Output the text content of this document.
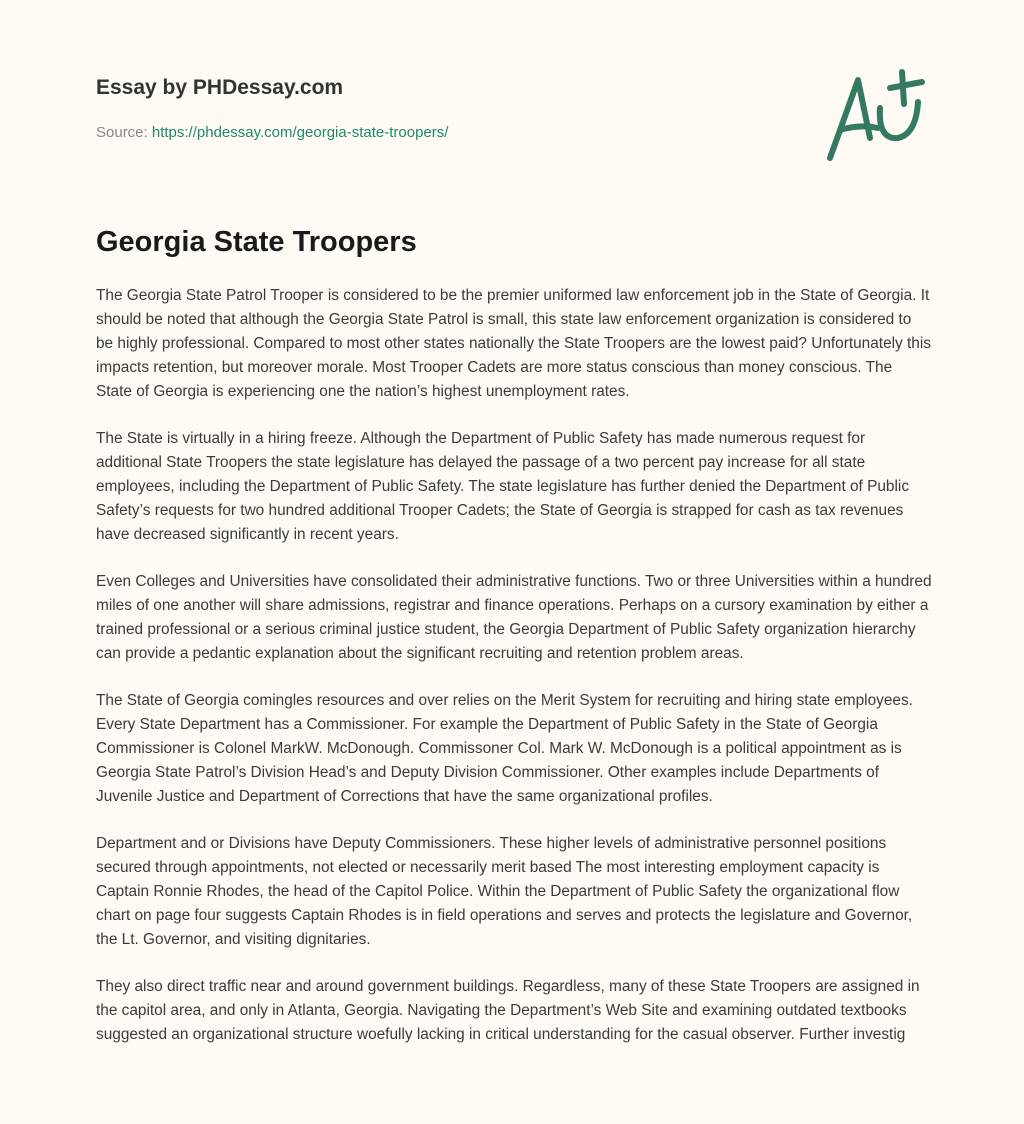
Essay by PHDessay.com
Source: https://phdessay.com/georgia-state-troopers/
Georgia State Troopers

The Georgia State Patrol Trooper is considered to be the premier uniformed law enforcement job in the State of Georgia. It should be noted that although the Georgia State Patrol is small, this state law enforcement organization is considered to be highly professional. Compared to most other states nationally the State Troopers are the lowest paid? Unfortunately this impacts retention, but moreover morale. Most Trooper Cadets are more status conscious than money conscious. The State of Georgia is experiencing one the nation’s highest unemployment rates.

The State is virtually in a hiring freeze. Although the Department of Public Safety has made numerous request for additional State Troopers the state legislature has delayed the passage of a two percent pay increase for all state employees, including the Department of Public Safety. The state legislature has further denied the Department of Public Safety’s requests for two hundred additional Trooper Cadets; the State of Georgia is strapped for cash as tax revenues have decreased significantly in recent years.

Even Colleges and Universities have consolidated their administrative functions. Two or three Universities within a hundred miles of one another will share admissions, registrar and finance operations. Perhaps on a cursory examination by either a trained professional or a serious criminal justice student, the Georgia Department of Public Safety organization hierarchy can provide a pedantic explanation about the significant recruiting and retention problem areas.

The State of Georgia comingles resources and over relies on the Merit System for recruiting and hiring state employees. Every State Department has a Commissioner. For example the Department of Public Safety in the State of Georgia Commissioner is Colonel MarkW. McDonough. Commissoner Col. Mark W. McDonough is a political appointment as is Georgia State Patrol’s Division Head’s and Deputy Division Commissioner. Other examples include Departments of Juvenile Justice and Department of Corrections that have the same organizational profiles.

Department and or Divisions have Deputy Commissioners. These higher levels of administrative personnel positions secured through appointments, not elected or necessarily merit based The most interesting employment capacity is Captain Ronnie Rhodes, the head of the Capitol Police. Within the Department of Public Safety the organizational flow chart on page four suggests Captain Rhodes is in field operations and serves and protects the legislature and Governor, the Lt. Governor, and visiting dignitaries.

They also direct traffic near and around government buildings. Regardless, many of these State Troopers are assigned in the capitol area, and only in Atlanta, Georgia. Navigating the Department’s Web Site and examining outdated textbooks suggested an organizational structure woefully lacking in critical understanding for the casual observer. Further investig
